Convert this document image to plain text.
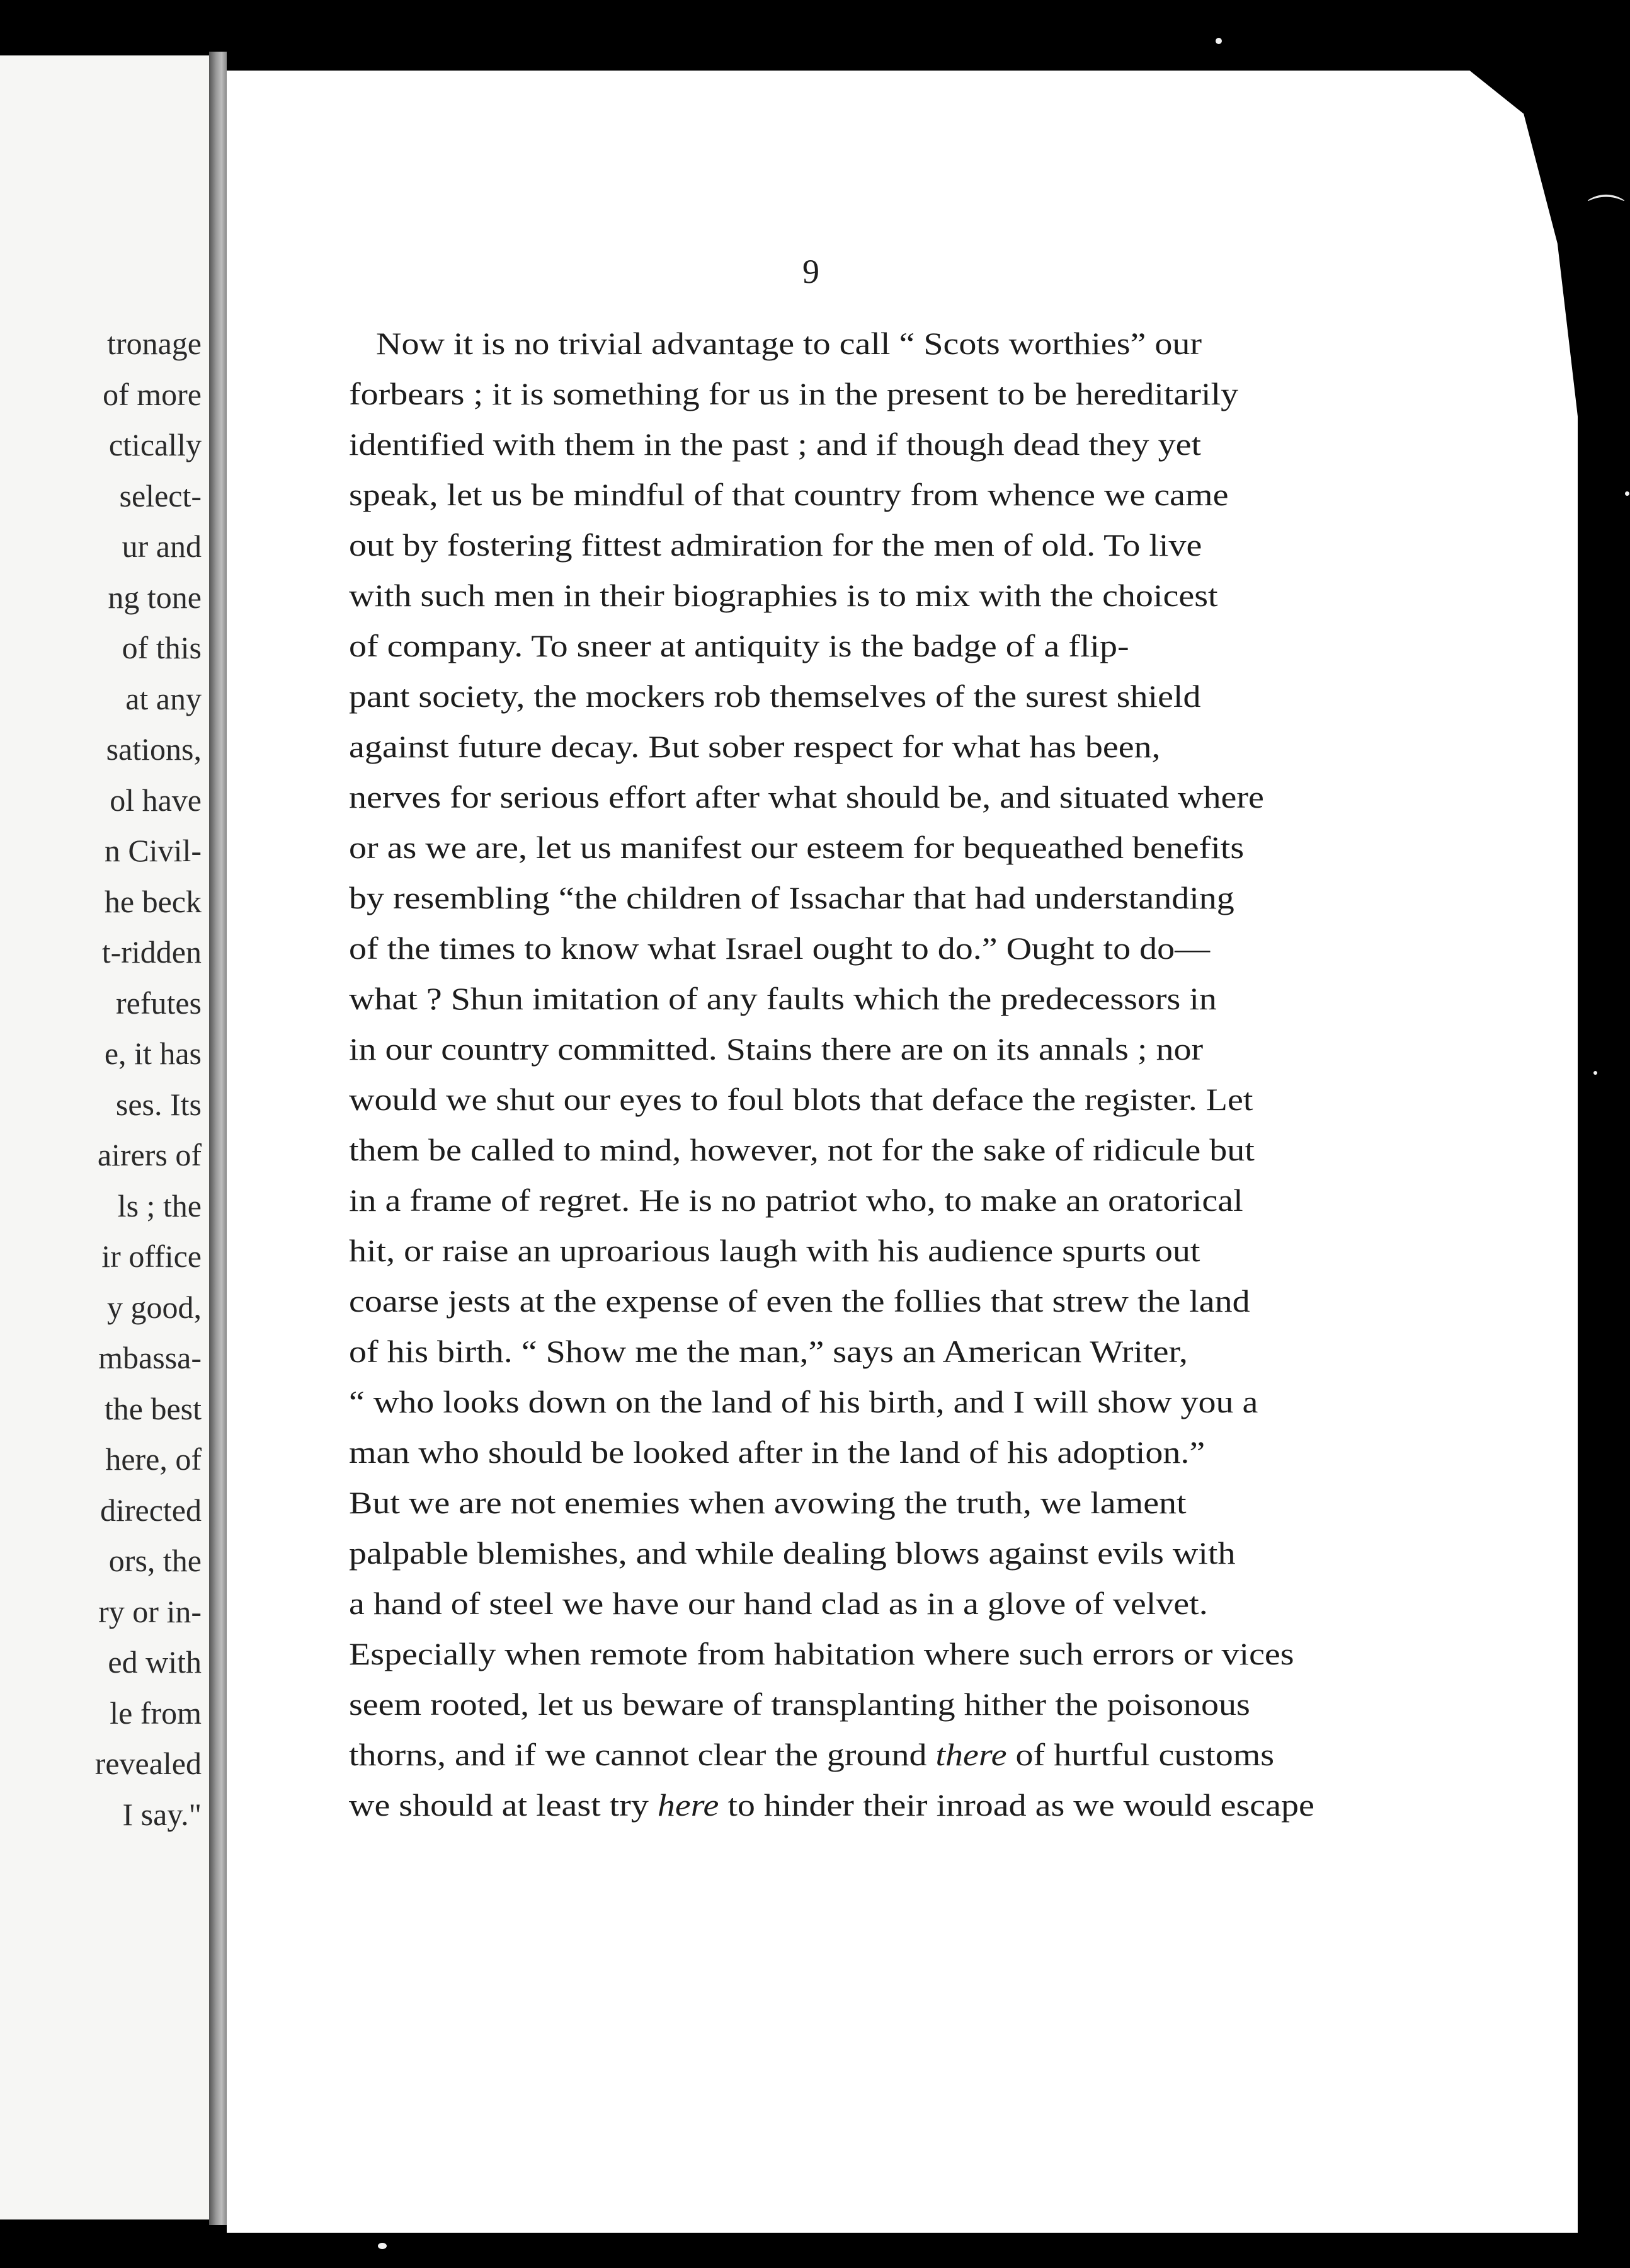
tronage
of more
ctically
select-
ur and
ng tone
of this
at any
sations,
ol have
n Civil-
he beck
t-ridden
refutes
e, it has
ses. Its
airers of
ls ; the
ir office
y good,
mbassa-
the best
here, of
directed
ors, the
ry or in-
ed with
le from
revealed
I say."
9
Now it is no trivial advantage to call “ Scots worthies” our
forbears ; it is something for us in the present to be hereditarily
identified with them in the past ; and if though dead they yet
speak, let us be mindful of that country from whence we came
out by fostering fittest admiration for the men of old. To live
with such men in their biographies is to mix with the choicest
of company. To sneer at antiquity is the badge of a flip-
pant society, the mockers rob themselves of the surest shield
against future decay. But sober respect for what has been,
nerves for serious effort after what should be, and situated where
or as we are, let us manifest our esteem for bequeathed benefits
by resembling “the children of Issachar that had understanding
of the times to know what Israel ought to do.” Ought to do—
what ? Shun imitation of any faults which the predecessors in
in our country committed. Stains there are on its annals ; nor
would we shut our eyes to foul blots that deface the register. Let
them be called to mind, however, not for the sake of ridicule but
in a frame of regret. He is no patriot who, to make an oratorical
hit, or raise an uproarious laugh with his audience spurts out
coarse jests at the expense of even the follies that strew the land
of his birth. “ Show me the man,” says an American Writer,
“ who looks down on the land of his birth, and I will show you a
man who should be looked after in the land of his adoption.”
But we are not enemies when avowing the truth, we lament
palpable blemishes, and while dealing blows against evils with
a hand of steel we have our hand clad as in a glove of velvet.
Especially when remote from habitation where such errors or vices
seem rooted, let us beware of transplanting hither the poisonous
thorns, and if we cannot clear the ground there of hurtful customs
we should at least try here to hinder their inroad as we would escape
⌒
